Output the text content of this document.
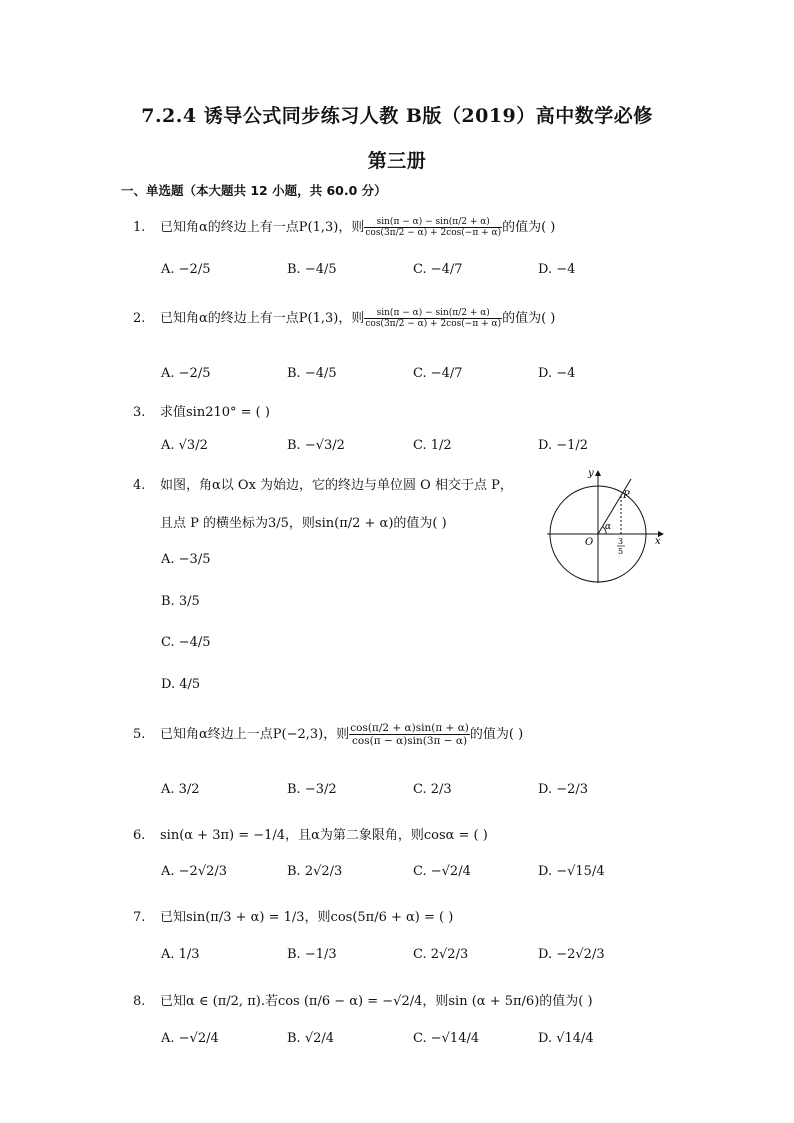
7.2.4 诱导公式同步练习人教 B版（2019）高中数学必修
第三册
一、单选题（本大题共 12 小题，共 60.0 分）
1. 已知角α的终边上有一点P(1,3)，则 $\frac{\sin(\pi - \alpha) - \sin(\pi/2 + \alpha)}{\cos(3\pi/2 - \alpha) + 2\cos(-\pi + \alpha)}$ 的值为( )
A. −2/5	B. −4/5	C. −4/7	D. −4
2. 已知角α的终边上有一点P(1,3)，则 $\frac{\sin(\pi - \alpha) - \sin(\pi/2 + \alpha)}{\cos(3\pi/2 - \alpha) + 2\cos(-\pi + \alpha)}$ 的值为( )
A. −2/5	B. −4/5	C. −4/7	D. −4
3. 求值sin210° = ( )
A. √3/2	B. −√3/2	C. 1/2	D. −1/2
4. 如图，角α以 Ox 为始边，它的终边与单位圆 O 相交于点 P，
且点 P 的横坐标为3/5，则sin(π/2 + α)的值为( )
A. −3/5
B. 3/5
C. −4/5
D. 4/5
y
x
O
P
α
3
5
5. 已知角α终边上一点P(−2,3)，则 $\frac{\cos(\pi/2 + \alpha)\sin(\pi + \alpha)}{\cos(\pi - \alpha)\sin(3\pi - \alpha)}$ 的值为( )
A. 3/2	B. −3/2	C. 2/3	D. −2/3
6. sin(α + 3π) = −1/4，且α为第二象限角，则cosα = ( )
A. −2√2/3	B. 2√2/3	C. −√2/4	D. −√15/4
7. 已知sin(π/3 + α) = 1/3，则cos(5π/6 + α) = ( )
A. 1/3	B. −1/3	C. 2√2/3	D. −2√2/3
8. 已知α ∈ (π/2, π).若cos (π/6 − α) = −√2/4，则sin (α + 5π/6)的值为( )
A. −√2/4	B. √2/4	C. −√14/4	D. √14/4
